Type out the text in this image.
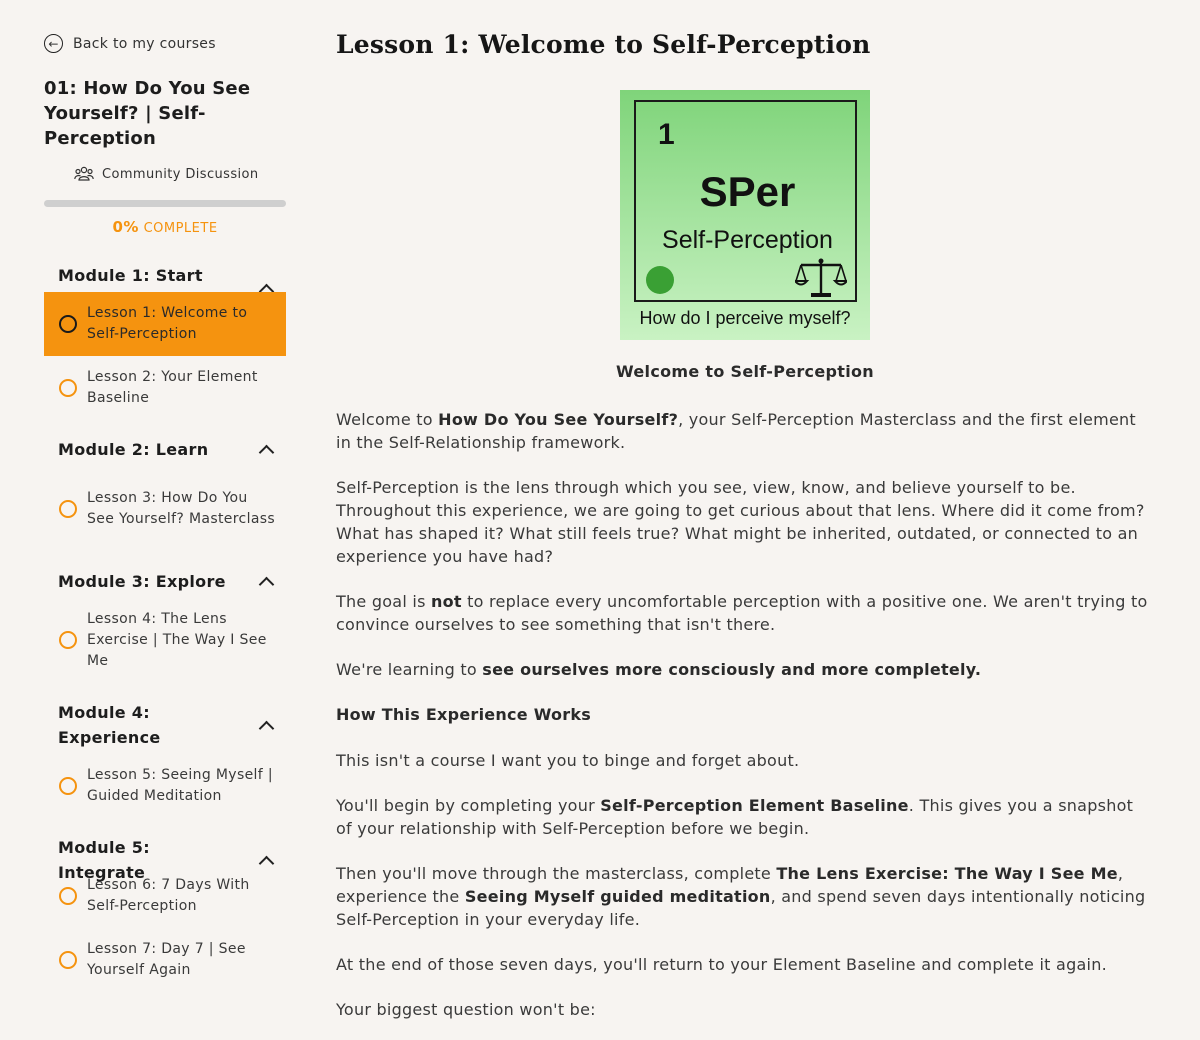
←	Back to my courses
01: How Do You See Yourself? | Self-Perception
Community Discussion
0% COMPLETE
Module 1: Start
Lesson 1: Welcome to Self-Perception
Lesson 2: Your Element Baseline
Module 2: Learn
Lesson 3: How Do You See Yourself? Masterclass
Module 3: Explore
Lesson 4: The Lens Exercise | The Way I See Me
Module 4: Experience
Lesson 5: Seeing Myself | Guided Meditation
Module 5: Integrate
Lesson 6: 7 Days With Self-Perception
Lesson 7: Day 7 | See Yourself Again
Lesson 1: Welcome to Self-Perception
1
SPer
Self-Perception
How do I perceive myself?
Welcome to Self-Perception

Welcome to How Do You See Yourself?, your Self-Perception Masterclass and the first element in the Self-Relationship framework.

Self-Perception is the lens through which you see, view, know, and believe yourself to be. Throughout this experience, we are going to get curious about that lens. Where did it come from? What has shaped it? What still feels true? What might be inherited, outdated, or connected to an experience you have had?

The goal is not to replace every uncomfortable perception with a positive one. We aren't trying to convince ourselves to see something that isn't there.

We're learning to see ourselves more consciously and more completely.

How This Experience Works

This isn't a course I want you to binge and forget about.

You'll begin by completing your Self-Perception Element Baseline. This gives you a snapshot of your relationship with Self-Perception before we begin.

Then you'll move through the masterclass, complete The Lens Exercise: The Way I See Me, experience the Seeing Myself guided meditation, and spend seven days intentionally noticing Self-Perception in your everyday life.

At the end of those seven days, you'll return to your Element Baseline and complete it again.

Your biggest question won't be:
